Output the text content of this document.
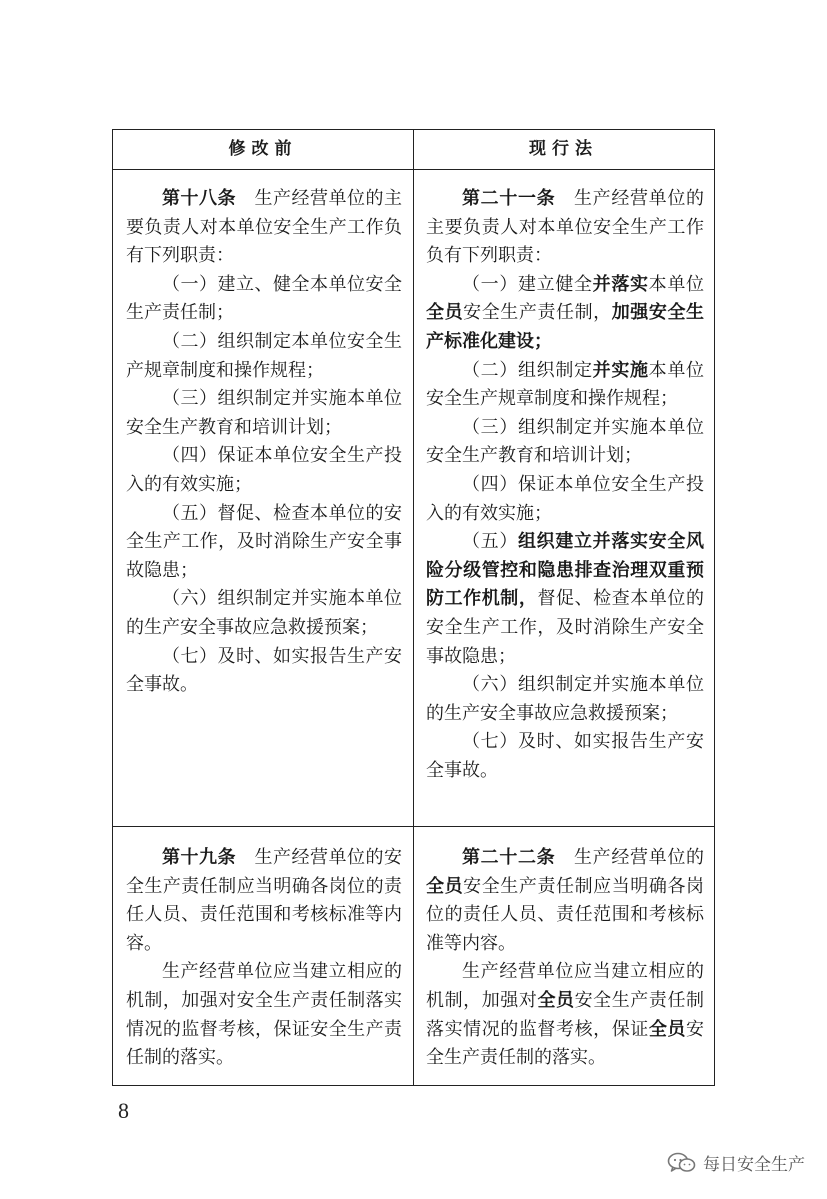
修改前	现行法

第十八条　 生产经营单位的主要负责人对本单位安全生产工作负有下列职责：

（一）建立、健全本单位安全生产责任制；

（二）组织制定本单位安全生产规章制度和操作规程；

（三）组织制定并实施本单位安全生产教育和培训计划；

（四）保证本单位安全生产投入的有效实施；

（五）督促、检查本单位的安全生产工作，及时消除生产安全事故隐患；

（六）组织制定并实施本单位的生产安全事故应急救援预案；

（七）及时、如实报告生产安全事故。

第二十一条　 生产经营单位的主要负责人对本单位安全生产工作负有下列职责：

（一）建立健全并落实本单位全员安全生产责任制，加强安全生产标准化建设；

（二）组织制定并实施本单位安全生产规章制度和操作规程；

（三）组织制定并实施本单位安全生产教育和培训计划；

（四）保证本单位安全生产投入的有效实施；

（五）组织建立并落实安全风险分级管控和隐患排查治理双重预防工作机制，督促、检查本单位的安全生产工作，及时消除生产安全事故隐患；

（六）组织制定并实施本单位的生产安全事故应急救援预案；

（七）及时、如实报告生产安全事故。

第十九条　 生产经营单位的安全生产责任制应当明确各岗位的责任人员、责任范围和考核标准等内容。

生产经营单位应当建立相应的机制，加强对安全生产责任制落实情况的监督考核，保证安全生产责任制的落实。

第二十二条　 生产经营单位的全员安全生产责任制应当明确各岗位的责任人员、责任范围和考核标准等内容。

生产经营单位应当建立相应的机制，加强对全员安全生产责任制落实情况的监督考核，保证全员安全生产责任制的落实。

8
每日安全生产
